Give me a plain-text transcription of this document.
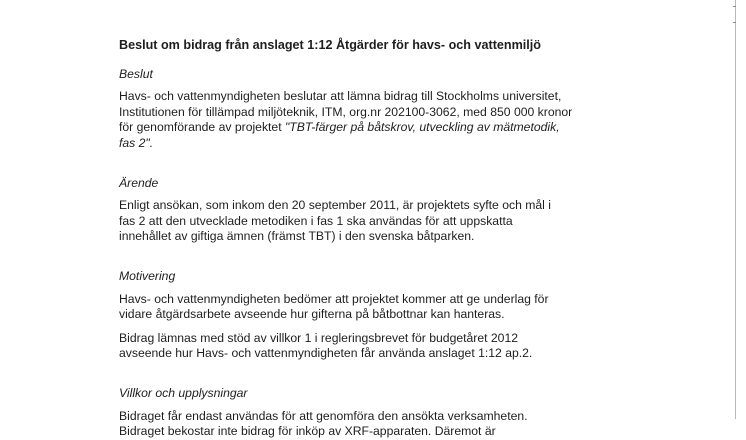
Beslut om bidrag från anslaget 1:12 Åtgärder för havs- och vattenmiljö
Beslut

Havs- och vattenmyndigheten beslutar att lämna bidrag till Stockholms universitet,
Institutionen för tillämpad miljöteknik, ITM, org.nr 202100-3062, med 850 000 kronor
för genomförande av projektet "TBT-färger på båtskrov, utveckling av mätmetodik,
fas 2".

Ärende

Enligt ansökan, som inkom den 20 september 2011, är projektets syfte och mål i
fas 2 att den utvecklade metodiken i fas 1 ska användas för att uppskatta
innehållet av giftiga ämnen (främst TBT) i den svenska båtparken.

Motivering

Havs- och vattenmyndigheten bedömer att projektet kommer att ge underlag för
vidare åtgärdsarbete avseende hur gifterna på båtbottnar kan hanteras.

Bidrag lämnas med stöd av villkor 1 i regleringsbrevet för budgetåret 2012
avseende hur Havs- och vattenmyndigheten får använda anslaget 1:12 ap.2.

Villkor och upplysningar

Bidraget får endast användas för att genomföra den ansökta verksamheten.
Bidraget bekostar inte bidrag för inköp av XRF-apparaten. Däremot är
